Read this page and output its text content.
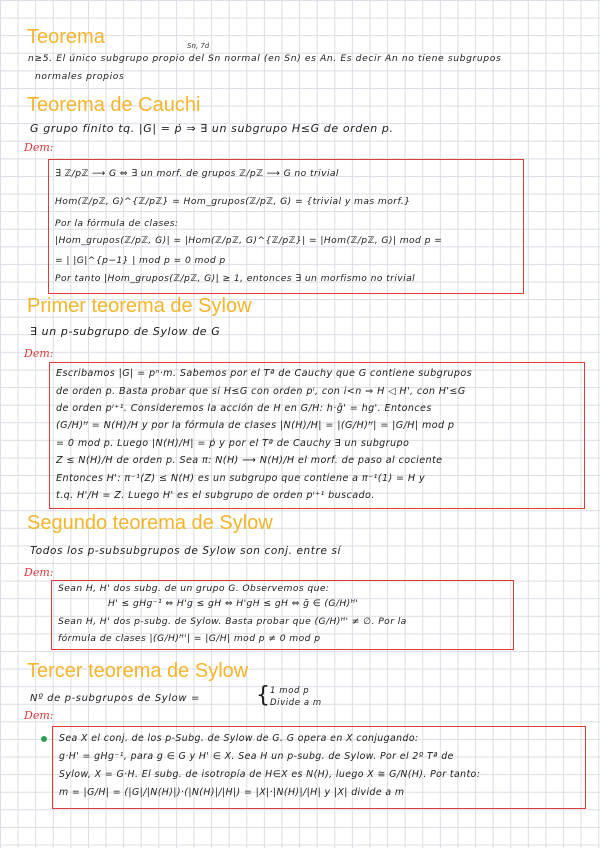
Teorema	Sn, 7d
n≥5. El único subgrupo propio del Sn normal (en Sn) es An. Es decir An no tiene subgrupos
normales propios
Teorema de Cauchi
G grupo finito tq. |G| = ṗ ⇒ ∃ un subgrupo H≤G de orden p.
Dem:
∃ ℤ/pℤ ⟶ G ⇔ ∃ un morf. de grupos ℤ/pℤ ⟶ G no trivial
Hom(ℤ/pℤ, G)^{ℤ/pℤ} = Hom_grupos(ℤ/pℤ, G) = {trivial y mas morf.}
Por la fórmula de clases:
|Hom_grupos(ℤ/pℤ, G)| = |Hom(ℤ/pℤ, G)^{ℤ/pℤ}| = |Hom(ℤ/pℤ, G)| mod p =
= | |G|^{p−1} | mod p = 0 mod p
Por tanto |Hom_grupos(ℤ/pℤ, G)| ≥ 1, entonces ∃ un morfismo no trivial
Primer teorema de Sylow
∃ un p-subgrupo de Sylow de G
Dem:
Escribamos |G| = pⁿ·m. Sabemos por el Tª de Cauchy que G contiene subgrupos
de orden p. Basta probar que si H≤G con orden pⁱ, con i<n ⇒ H ◁ H', con H'≤G
de orden pⁱ⁺¹. Consideremos la acción de H en G/H: h·ḡ' = h̄g'. Entonces
(G/H)ᴴ = N(H)/H y por la fórmula de clases |N(H)/H| = |(G/H)ᴴ| = |G/H| mod p
= 0 mod p. Luego |N(H)/H| = ṗ y por el Tª de Cauchy ∃ un subgrupo
Z ≤ N(H)/H de orden p. Sea π: N(H) ⟶ N(H)/H el morf. de paso al cociente
Entonces H': π⁻¹(Z) ≤ N(H) es un subgrupo que contiene a π⁻¹(1) = H y
t.q. H'/H = Z. Luego H' es el subgrupo de orden pⁱ⁺¹ buscado.
Segundo teorema de Sylow
Todos los p-subsubgrupos de Sylow son conj. entre sí
Dem:
Sean H, H' dos subg. de un grupo G. Observemos que:
H' ≤ gHg⁻¹ ⇔ H'g ≤ gH ⇔ H'gH ≤ gH ⇔ ḡ ∈ (G/H)ᴴ'
Sean H, H' dos p-subg. de Sylow. Basta probar que (G/H)ᴴ' ≠ ∅. Por la
fórmula de clases |(G/H)ᴴ'| = |G/H| mod p ≠ 0 mod p
Tercer teorema de Sylow
Nº de p-subgrupos de Sylow =	{ 1 mod p
Divide a m
Dem:
Sea X el conj. de los p-Subg. de Sylow de G. G opera en X conjugando:
g·H' = gHg⁻¹, para g ∈ G y H' ∈ X. Sea H un p-subg. de Sylow. Por el 2º Tª de
Sylow, X = G·H. El subg. de isotropía de H∈X es N(H), luego X ≅ G/N(H). Por tanto:
m = |G/H| = (|G|/|N(H)|)·(|N(H)|/|H|) = |X|·|N(H)|/|H| y |X| divide a m
